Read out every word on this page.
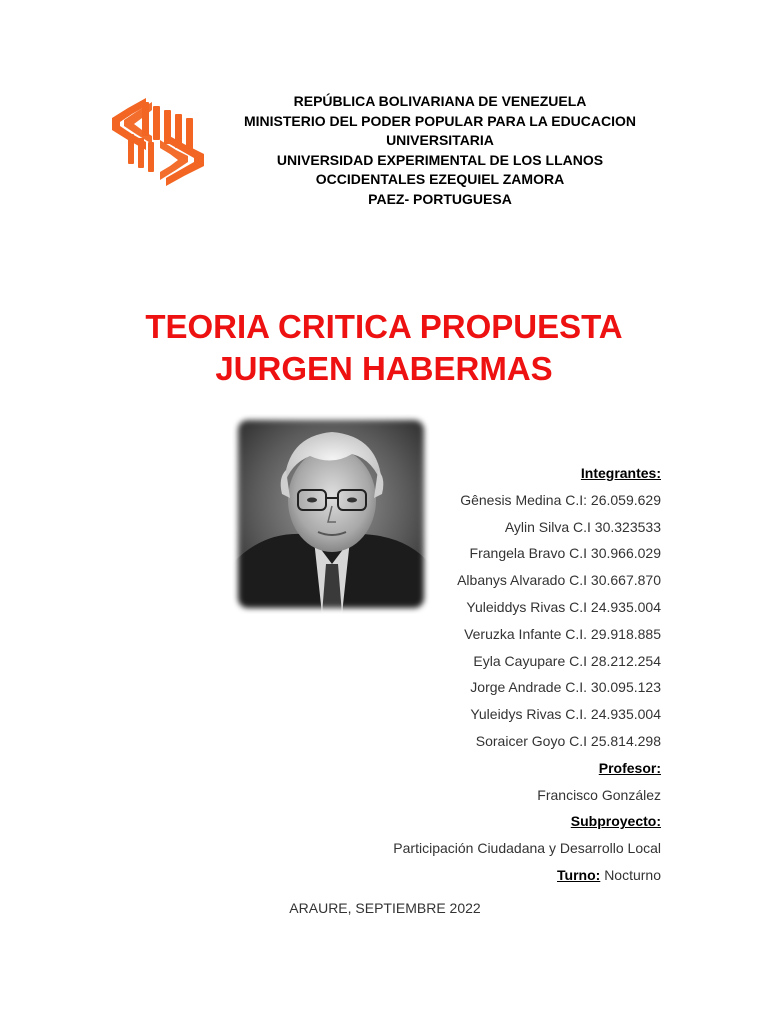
REPÚBLICA BOLIVARIANA DE VENEZUELA
MINISTERIO DEL PODER POPULAR PARA LA EDUCACION
UNIVERSITARIA
UNIVERSIDAD EXPERIMENTAL DE LOS LLANOS
OCCIDENTALES EZEQUIEL ZAMORA
PAEZ- PORTUGUESA
TEORIA CRITICA PROPUESTA
JURGEN HABERMAS
Integrantes:
Gênesis Medina C.I: 26.059.629
Aylin Silva C.I 30.323533
Frangela Bravo C.I 30.966.029
Albanys Alvarado C.I 30.667.870
Yuleiddys Rivas C.I 24.935.004
Veruzka Infante C.I. 29.918.885
Eyla Cayupare C.I 28.212.254
Jorge Andrade C.I. 30.095.123
Yuleidys Rivas C.I. 24.935.004
Soraicer Goyo C.I 25.814.298
Profesor:
Francisco González
Subproyecto:
Participación Ciudadana y Desarrollo Local
Turno: Nocturno
ARAURE, SEPTIEMBRE 2022
